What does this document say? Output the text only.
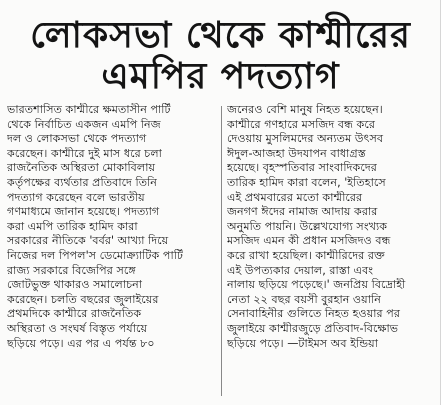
লোকসভা থেকে কাশ্মীরের
এমপির পদত্যাগ
ভারতশাসিত কাশ্মীরে ক্ষমতাসীন পার্টি
থেকে নির্বাচিত একজন এমপি নিজ
দল ও লোকসভা থেকে পদত্যাগ
করেছেন। কাশ্মীরে দুই মাস ধরে চলা
রাজনৈতিক অস্থিরতা মোকাবিলায়
কর্তৃপক্ষের ব্যর্থতার প্রতিবাদে তিনি
পদত্যাগ করেছেন বলে ভারতীয়
গণমাধ্যমে জানান হয়েছে। পদত্যাগ
করা এমপি তারিক হামিদ কারা
সরকারের নীতিকে 'বর্বর' আখ্যা দিয়ে
নিজের দল পিপল'স ডেমোক্র্যাটিক পার্টি
রাজ্য সরকারে বিজেপির সঙ্গে
জোটভুক্ত থাকারও সমালোচনা
করেছেন। চলতি বছরের জুলাইয়ের
প্রথমদিকে কাশ্মীরে রাজনৈতিক
অস্থিরতা ও সংঘর্ষ বিস্তৃত পর্যায়ে
ছড়িয়ে পড়ে। এর পর এ পর্যন্ত ৮০
জনেরও বেশি মানুষ নিহত হয়েছেন।
কাশ্মীরে গণহারে মসজিদ বন্ধ করে
দেওয়ায় মুসলিমদের অন্যতম উৎসব
ঈদুল-আজহা উদযাপন বাধাগ্রস্ত
হয়েছে। বৃহস্পতিবার সাংবাদিকদের
তারিক হামিদ কারা বলেন, 'ইতিহাসে
এই প্রথমবারের মতো কাশ্মীরের
জনগণ ঈদের নামাজ আদায় করার
অনুমতি পায়নি। উল্লেখযোগ্য সংখ্যক
মসজিদ এমন কী প্রধান মসজিদও বন্ধ
করে রাখা হয়েছিল। কাশ্মীরিদের রক্ত
এই উপত্যকার দেয়াল, রাস্তা এবং
নালায় ছড়িয়ে পড়েছে।' জনপ্রিয় বিদ্রোহী
নেতা ২২ বছর বয়সী বুরহান ওয়ানি
সেনাবাহিনীর গুলিতে নিহত হওয়ার পর
জুলাইয়ে কাশ্মীরজুড়ে প্রতিবাদ-বিক্ষোভ
ছড়িয়ে পড়ে। —টাইমস অব ইন্ডিয়া
